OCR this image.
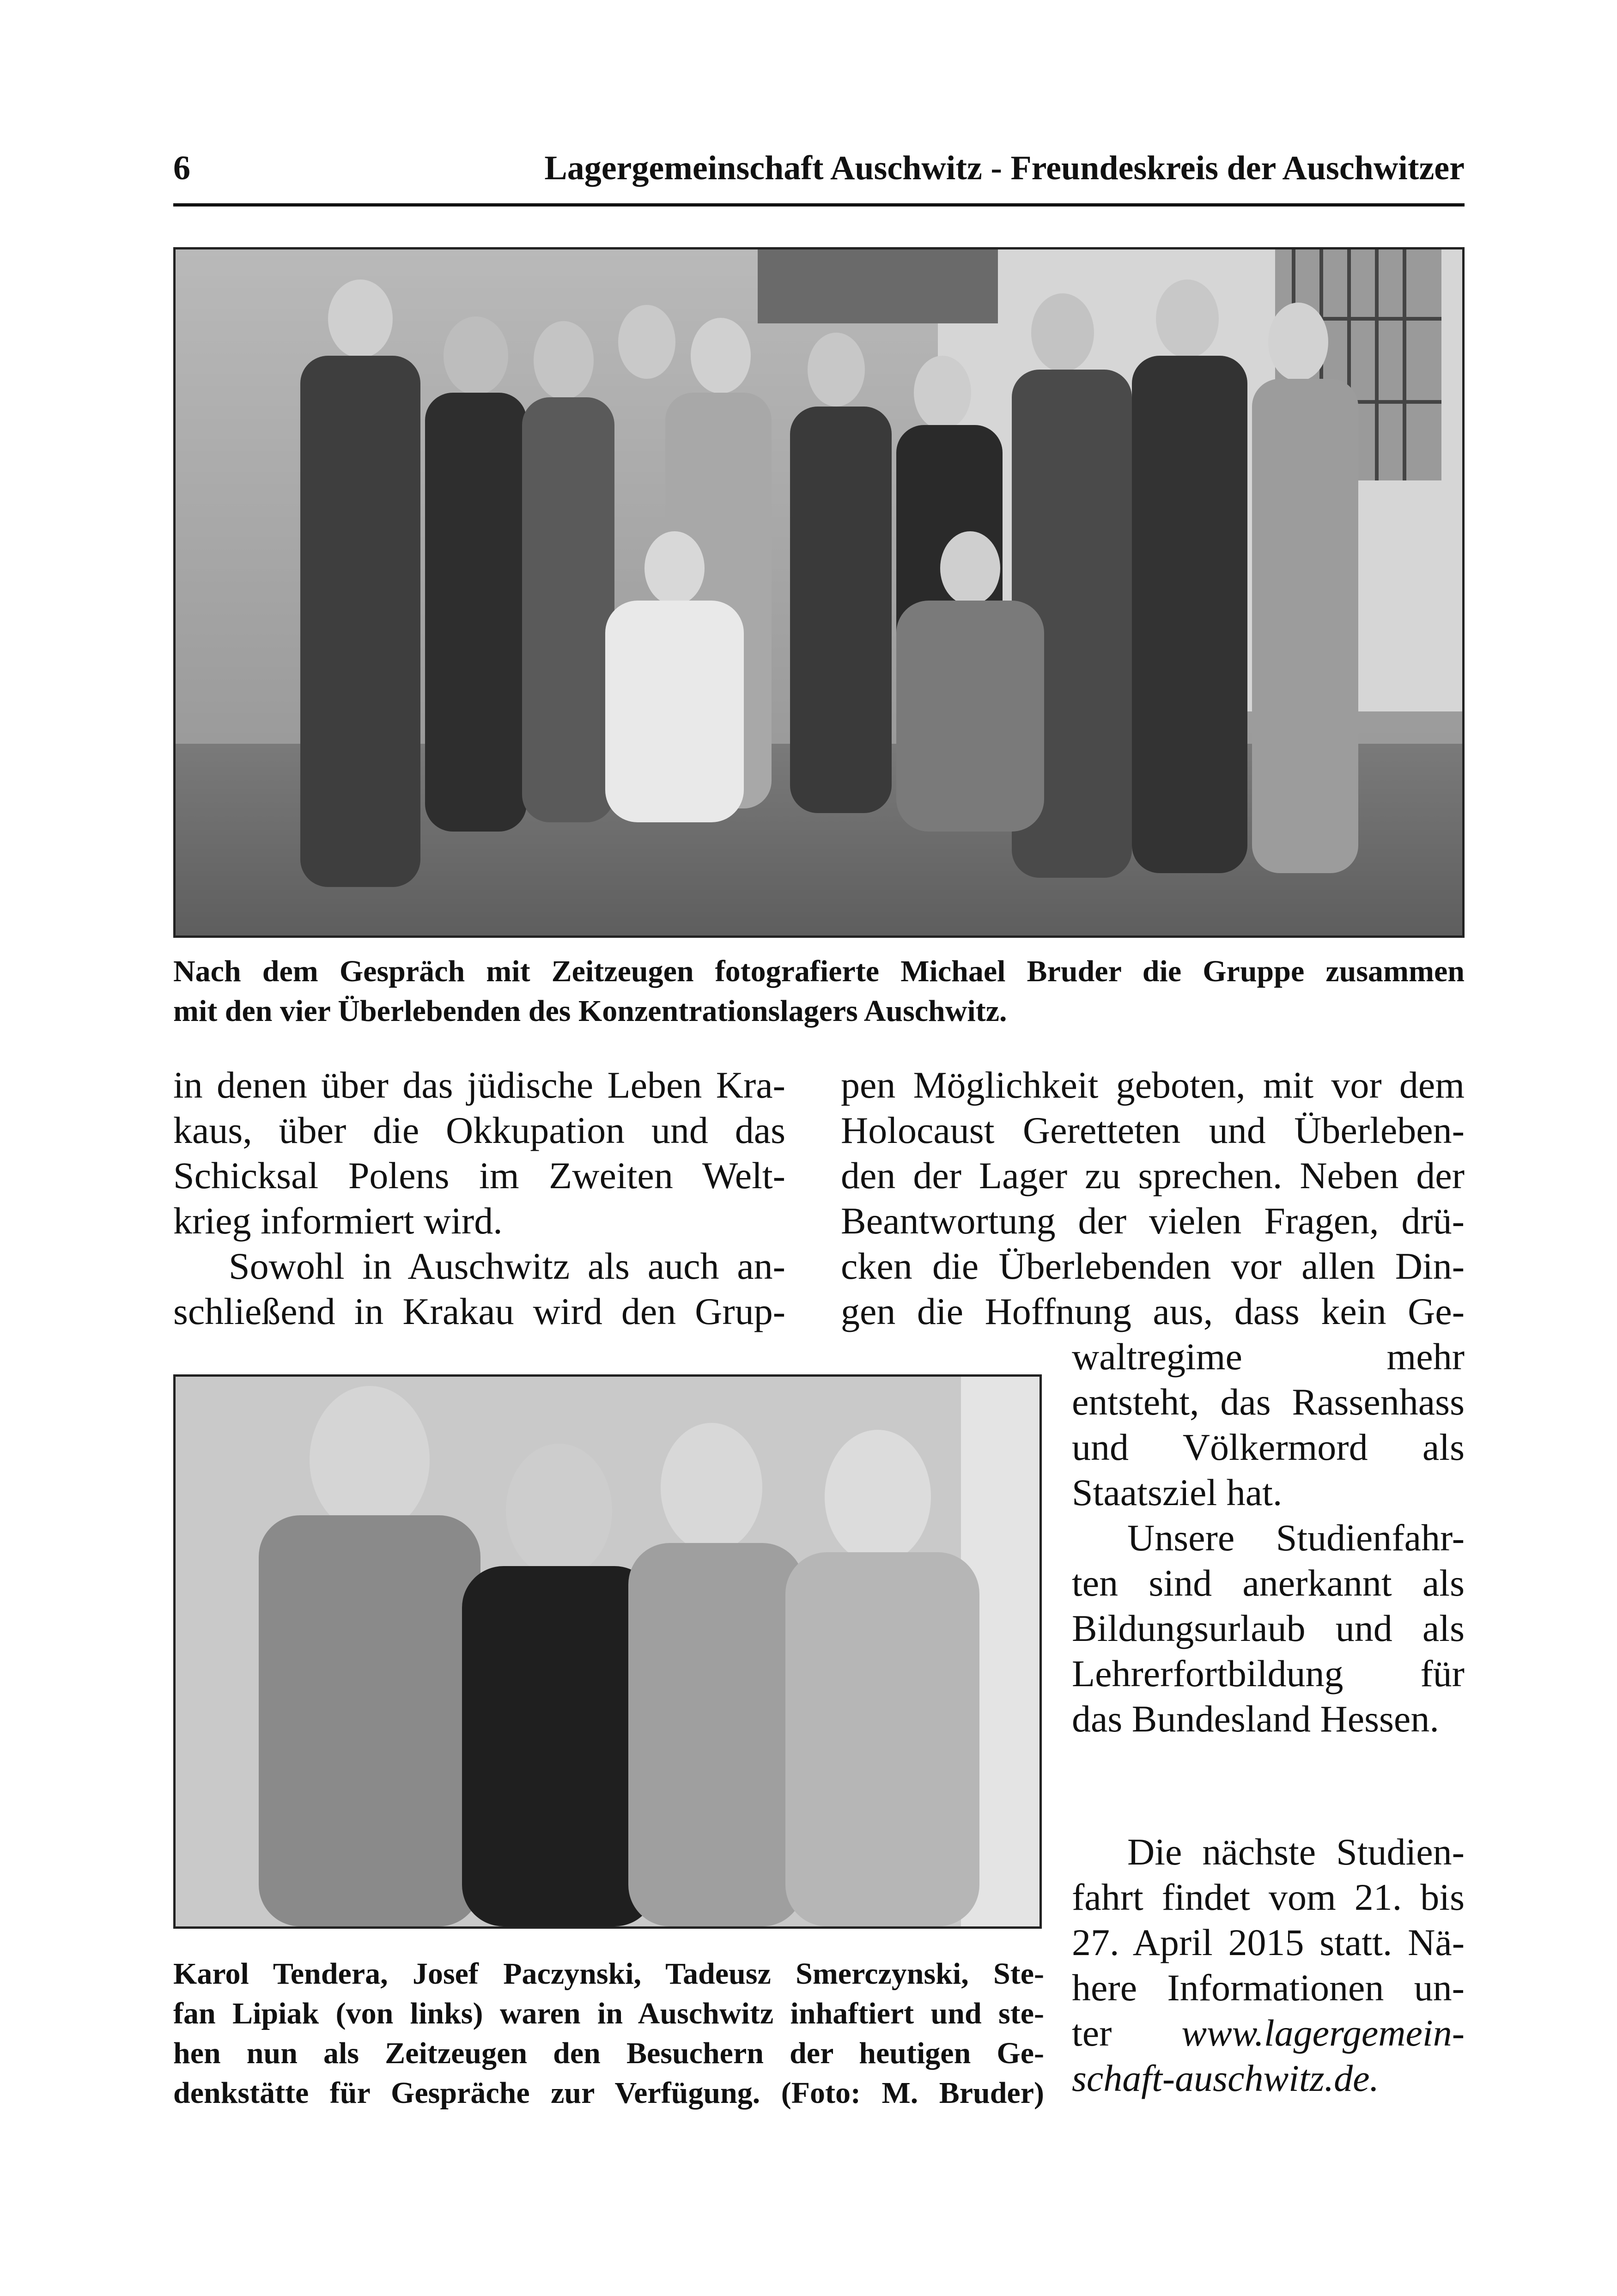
6	Lagergemeinschaft Auschwitz - Freundeskreis der Auschwitzer
Nach dem Gespräch mit Zeitzeugen fotografierte Michael Bruder die Gruppe zusammen
mit den vier Überlebenden des Konzentrationslagers Auschwitz.
in denen über das jüdische Leben Kra-
kaus, über die Okkupation und das
Schicksal Polens im Zweiten Welt-
krieg informiert wird.
Sowohl in Auschwitz als auch an-
schließend in Krakau wird den Grup-
pen Möglichkeit geboten, mit vor dem
Holocaust Geretteten und Überleben-
den der Lager zu sprechen. Neben der
Beantwortung der vielen Fragen, drü-
cken die Überlebenden vor allen Din-
gen die Hoffnung aus, dass kein Ge-
Karol Tendera, Josef Paczynski, Tadeusz Smerczynski, Ste-
fan Lipiak (von links) waren in Auschwitz inhaftiert und ste-
hen nun als Zeitzeugen den Besuchern der heutigen Ge-
denkstätte für Gespräche zur Verfügung. (Foto: M. Bruder)
waltregime mehr
entsteht, das Rassenhass
und Völkermord als
Staatsziel hat.
Unsere Studienfahr-
ten sind anerkannt als
Bildungsurlaub und als
Lehrerfortbildung für
das Bundesland Hessen.
Die nächste Studien-
fahrt findet vom 21. bis
27. April 2015 statt. Nä-
here Informationen un-
ter www.lagergemein-
schaft-auschwitz.de.
